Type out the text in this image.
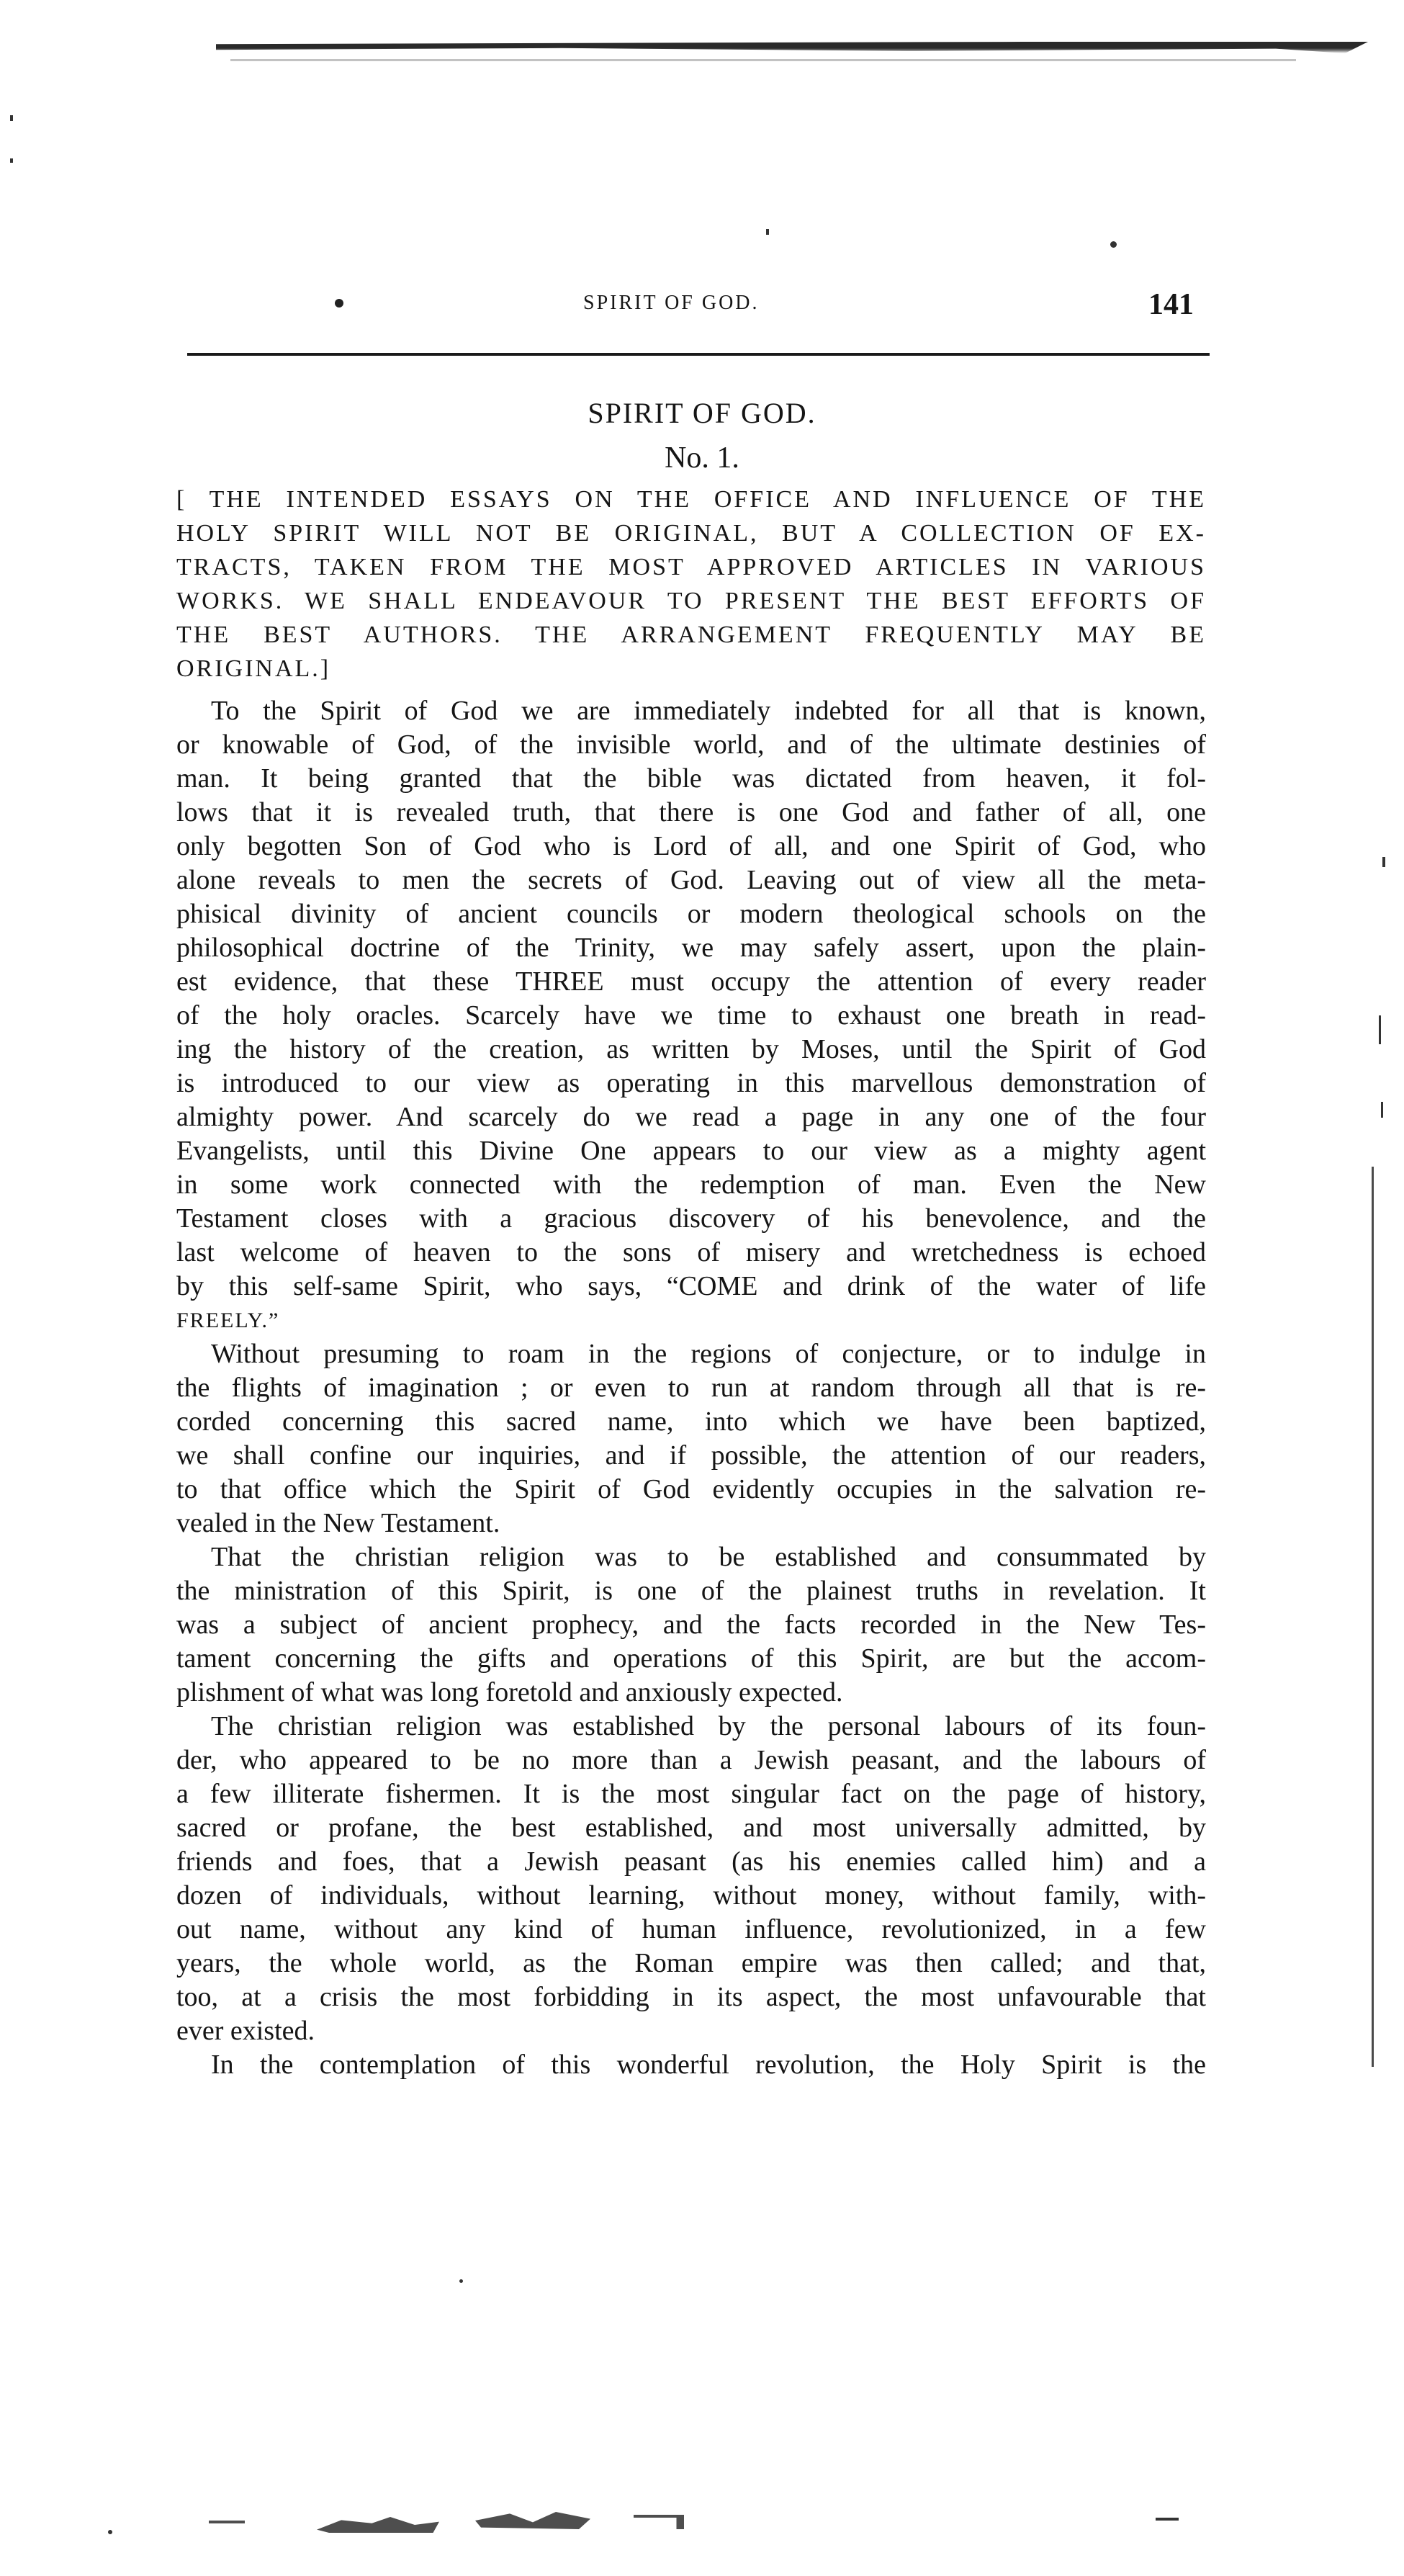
SPIRIT OF GOD.	141
SPIRIT OF GOD.
No. 1.
[ THE INTENDED ESSAYS ON THE OFFICE AND INFLUENCE OF THE
HOLY SPIRIT WILL NOT BE ORIGINAL, BUT A COLLECTION OF EX-
TRACTS, TAKEN FROM THE MOST APPROVED ARTICLES IN VARIOUS
WORKS. WE SHALL ENDEAVOUR TO PRESENT THE BEST EFFORTS OF
THE BEST AUTHORS. THE ARRANGEMENT FREQUENTLY MAY BE
ORIGINAL.]
To the Spirit of God we are immediately indebted for all that is known,
or knowable of God, of the invisible world, and of the ultimate destinies of
man. It being granted that the bible was dictated from heaven, it fol-
lows that it is revealed truth, that there is one God and father of all, one
only begotten Son of God who is Lord of all, and one Spirit of God, who
alone reveals to men the secrets of God. Leaving out of view all the meta-
phisical divinity of ancient councils or modern theological schools on the
philosophical doctrine of the Trinity, we may safely assert, upon the plain-
est evidence, that these THREE must occupy the attention of every reader
of the holy oracles. Scarcely have we time to exhaust one breath in read-
ing the history of the creation, as written by Moses, until the Spirit of God
is introduced to our view as operating in this marvellous demonstration of
almighty power. And scarcely do we read a page in any one of the four
Evangelists, until this Divine One appears to our view as a mighty agent
in some work connected with the redemption of man. Even the New
Testament closes with a gracious discovery of his benevolence, and the
last welcome of heaven to the sons of misery and wretchedness is echoed
by this self-same Spirit, who says, “COME and drink of the water of life
FREELY.”
Without presuming to roam in the regions of conjecture, or to indulge in
the flights of imagination ; or even to run at random through all that is re-
corded concerning this sacred name, into which we have been baptized,
we shall confine our inquiries, and if possible, the attention of our readers,
to that office which the Spirit of God evidently occupies in the salvation re-
vealed in the New Testament.
That the christian religion was to be established and consummated by
the ministration of this Spirit, is one of the plainest truths in revelation. It
was a subject of ancient prophecy, and the facts recorded in the New Tes-
tament concerning the gifts and operations of this Spirit, are but the accom-
plishment of what was long foretold and anxiously expected.
The christian religion was established by the personal labours of its foun-
der, who appeared to be no more than a Jewish peasant, and the labours of
a few illiterate fishermen. It is the most singular fact on the page of history,
sacred or profane, the best established, and most universally admitted, by
friends and foes, that a Jewish peasant (as his enemies called him) and a
dozen of individuals, without learning, without money, without family, with-
out name, without any kind of human influence, revolutionized, in a few
years, the whole world, as the Roman empire was then called; and that,
too, at a crisis the most forbidding in its aspect, the most unfavourable that
ever existed.
In the contemplation of this wonderful revolution, the Holy Spirit is the
